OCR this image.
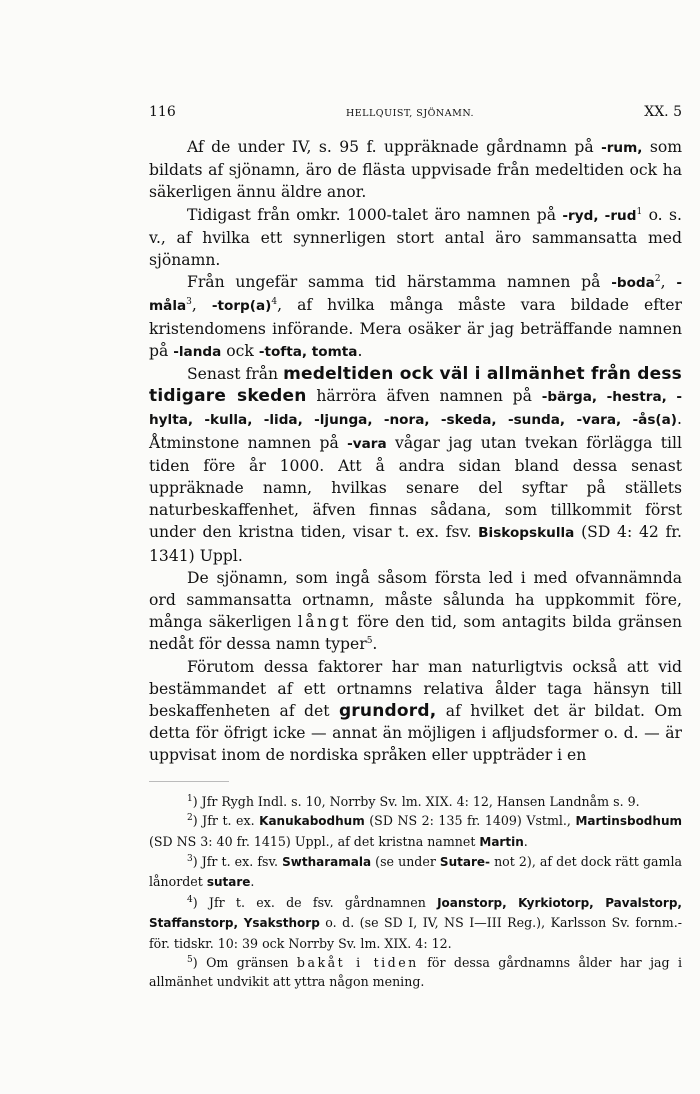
116	HELLQUIST, SJÖNAMN.	XX. 5

Af de under IV, s. 95 f. uppräknade gårdnamn på -rum, som bildats af sjönamn, äro de flästa uppvisade från medeltiden ock ha säkerligen ännu äldre anor.

Tidigast från omkr. 1000-talet äro namnen på -ryd, -rud$^1$ o. s. v., af hvilka ett synnerligen stort antal äro sammansatta med sjönamn.

Från ungefär samma tid härstamma namnen på -boda$^2$, -måla$^3$, $-torp(a)^4$, af hvilka många måste vara bildade efter kristendomens införande. Mera osäker är jag beträffande namnen på -landa ock -tofta, tomta.

Senast från medeltiden ock väl i allmänhet från dess tidigare skeden härröra äfven namnen på -bärga, -hestra, -hylta, -kulla, -lida, -ljunga, -nora, -skeda, -sunda, -vara, -ås(a). Åtminstone namnen på -vara vågar jag utan tvekan förlägga till tiden före år 1000. Att å andra sidan bland dessa senast uppräknade namn, hvilkas senare del syftar på ställets naturbeskaffenhet, äfven finnas sådana, som tillkommit först under den kristna tiden, visar t. ex. fsv. Biskopskulla (SD 4: 42 fr. 1341) Uppl.

De sjönamn, som ingå såsom första led i med ofvannämnda ord sammansatta ortnamn, måste sålunda ha uppkommit före, många säkerligen långt före den tid, som antagits bilda gränsen nedåt för dessa namn typer$^5$.

Förutom dessa faktorer har man naturligtvis också att vid bestämmandet af ett ortnamns relativa ålder taga hänsyn till beskaffenheten af det grundord, af hvilket det är bildat. Om detta för öfrigt icke — annat än möjligen i afljudsformer o. d. — är uppvisat inom de nordiska språken eller uppträder i en

$^1$) Jfr Rygh Indl. s. 10, Norrby Sv. lm. XIX. 4: 12, Hansen Landnåm s. 9.

$^2$) Jfr t. ex. Kanukabodhum (SD NS 2: 135 fr. 1409) Vstml., Martinsbodhum (SD NS 3: 40 fr. 1415) Uppl., af det kristna namnet Martin.

$^3$) Jfr t. ex. fsv. Swtharamala (se under Sutare- not 2), af det dock rätt gamla lånordet sutare.

$^4$) Jfr t. ex. de fsv. gårdnamnen Joanstorp, Kyrkiotorp, Pavalstorp, Staffanstorp, Ysaksthorp o. d. (se SD I, IV, NS I—III Reg.), Karlsson Sv. fornm.-för. tidskr. 10: 39 ock Norrby Sv. lm. XIX. 4: 12.

$^5$) Om gränsen bakåt i tiden för dessa gårdnamns ålder har jag i allmänhet undvikit att yttra någon mening.
